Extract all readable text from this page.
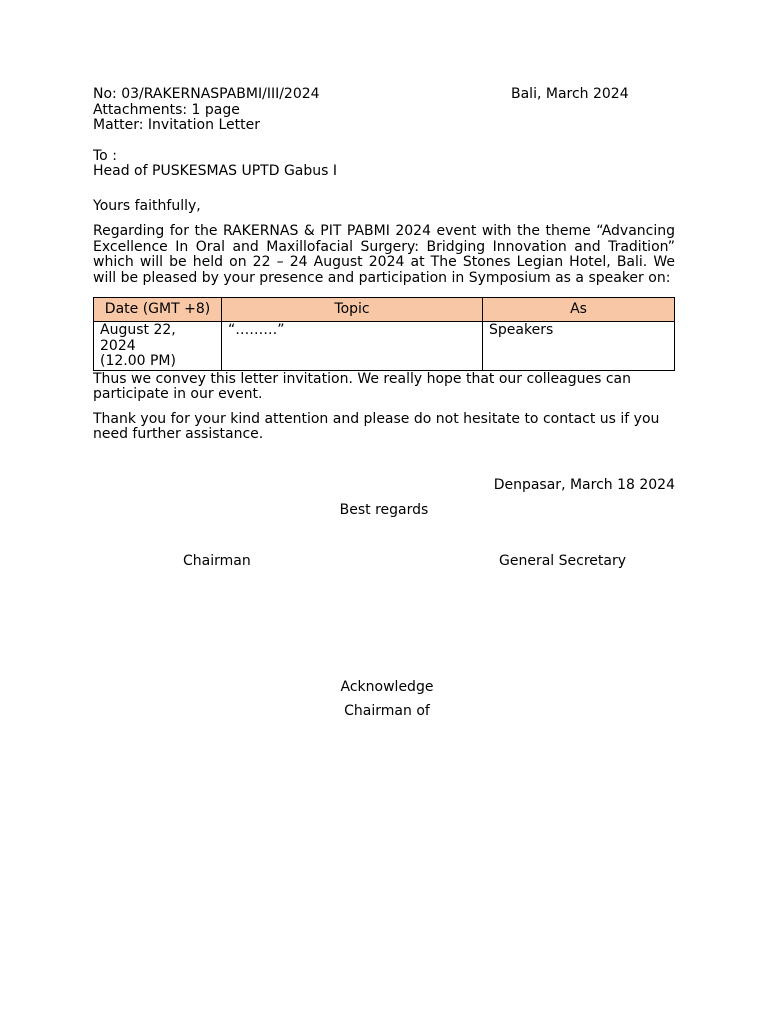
No: 03/RAKERNASPABMI/III/2024	Bali, March 2024
Attachments: 1 page
Matter: Invitation Letter
To :
Head of PUSKESMAS UPTD Gabus I
Yours faithfully,

Regarding for the RAKERNAS & PIT PABMI 2024 event with the theme “Advancing Excellence In Oral and Maxillofacial Surgery: Bridging Innovation and Tradition” which will be held on 22 – 24 August 2024 at The Stones Legian Hotel, Bali. We will be pleased by your presence and participation in Symposium as a speaker on:

Date (GMT +8)	Topic	As

August 22,
2024
(12.00 PM)	“………”	Speakers

Thus we convey this letter invitation. We really hope that our colleagues can participate in our event.

Thank you for your kind attention and please do not hesitate to contact us if you need further assistance.

Denpasar, March 18 2024
Best regards
Chairman	General Secretary
Acknowledge
Chairman of
